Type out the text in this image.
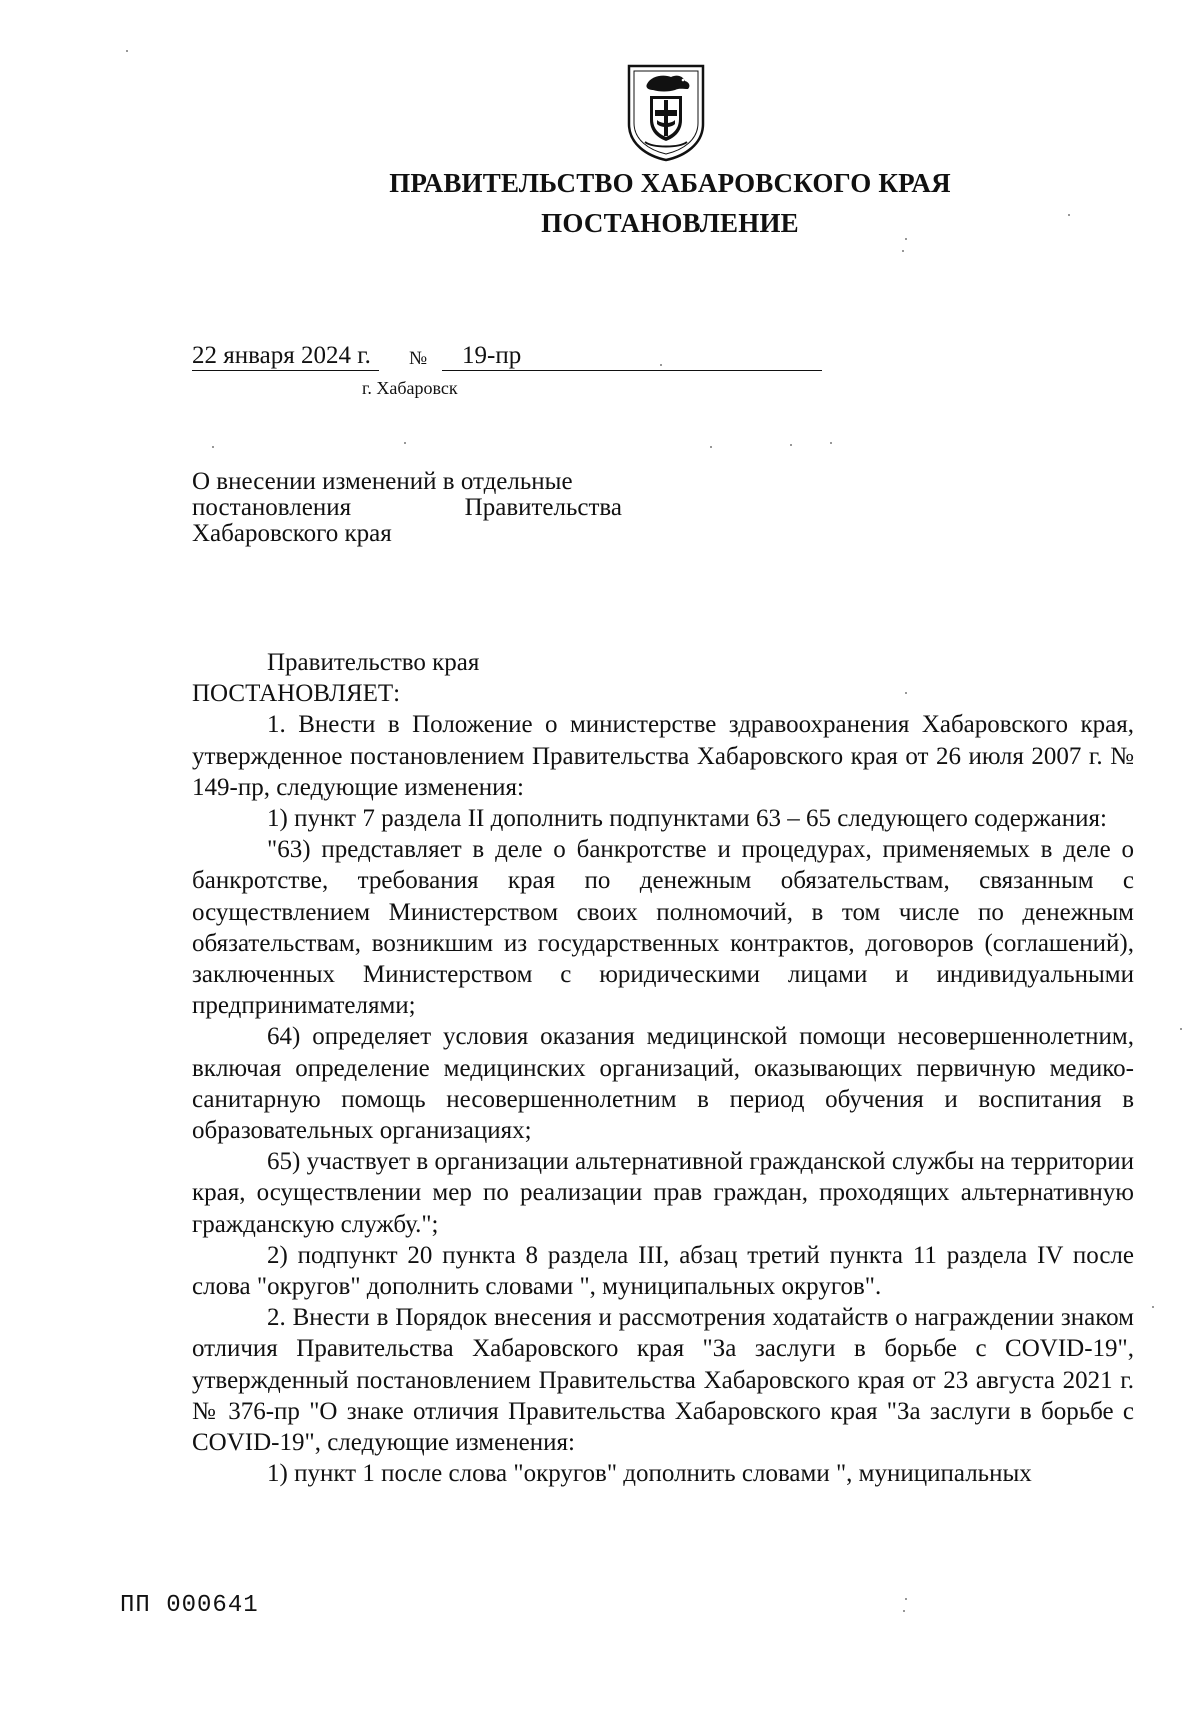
ПРАВИТЕЛЬСТВО ХАБАРОВСКОГО КРАЯ
ПОСТАНОВЛЕНИЕ
22 января 2024 г.	№	19-пр
г. Хабаровск
О внесении изменений в отдельные
постановления	Правительства
Хабаровского края

Правительство края

ПОСТАНОВЛЯЕТ:

1. Внести в Положение о министерстве здравоохранения Хабаровского края, утвержденное постановлением Правительства Хабаровского края от 26 июля 2007 г. № 149-пр, следующие изменения:

1) пункт 7 раздела II дополнить подпунктами 63 – 65 следующего содержания:

"63) представляет в деле о банкротстве и процедурах, применяемых в деле о банкротстве, требования края по денежным обязательствам, связанным с осуществлением Министерством своих полномочий, в том числе по денежным обязательствам, возникшим из государственных контрактов, договоров (соглашений), заключенных Министерством с юридическими лицами и индивидуальными предпринимателями;

64) определяет условия оказания медицинской помощи несовершеннолетним, включая определение медицинских организаций, оказывающих первичную медико-санитарную помощь несовершеннолетним в период обучения и воспитания в образовательных организациях;

65) участвует в организации альтернативной гражданской службы на территории края, осуществлении мер по реализации прав граждан, проходящих альтернативную гражданскую службу.";

2) подпункт 20 пункта 8 раздела III, абзац третий пункта 11 раздела IV после слова "округов" дополнить словами ", муниципальных округов".

2. Внести в Порядок внесения и рассмотрения ходатайств о награждении знаком отличия Правительства Хабаровского края "За заслуги в борьбе с COVID-19", утвержденный постановлением Правительства Хабаровского края от 23 августа 2021 г. № 376-пр "О знаке отличия Правительства Хабаровского края "За заслуги в борьбе с COVID-19", следующие изменения:

1) пункт 1 после слова "округов" дополнить словами ", муниципальных

ПП 000641
